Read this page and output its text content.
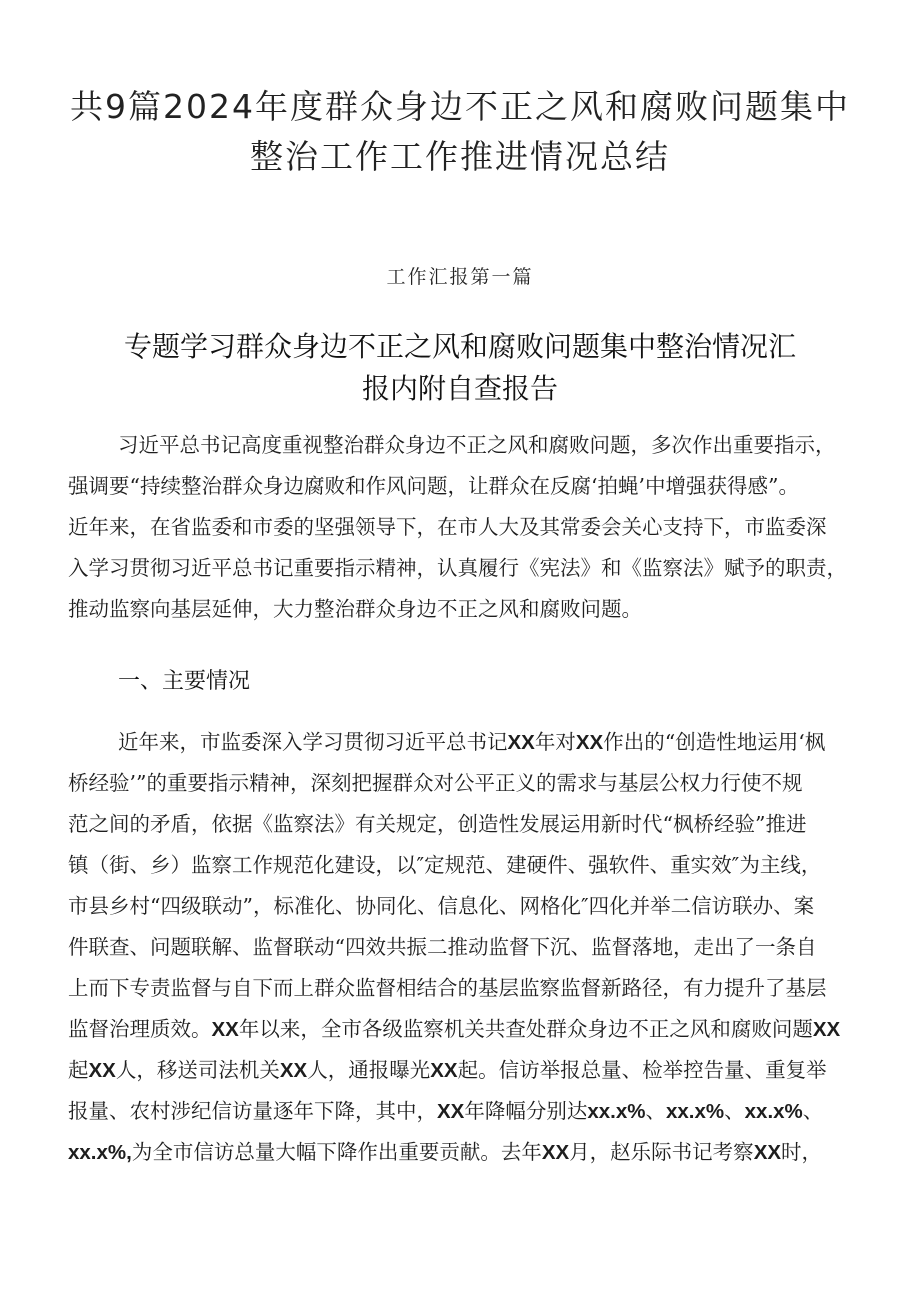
共9篇2024年度群众身边不正之风和腐败问题集中
整治工作工作推进情况总结
工作汇报第一篇
专题学习群众身边不正之风和腐败问题集中整治情况汇
报内附自查报告
习近平总书记高度重视整治群众身边不正之风和腐败问题，多次作出重要指示，
强调要“持续整治群众身边腐败和作风问题，让群众在反腐‘拍蝇’中增强获得感”。
近年来，在省监委和市委的坚强领导下，在市人大及其常委会关心支持下，市监委深
入学习贯彻习近平总书记重要指示精神，认真履行《宪法》和《监察法》赋予的职责，
推动监察向基层延伸，大力整治群众身边不正之风和腐败问题。
一、主要情况
近年来，市监委深入学习贯彻习近平总书记XX年对XX作出的“创造性地运用‘枫
桥经验’”的重要指示精神，深刻把握群众对公平正义的需求与基层公权力行使不规
范之间的矛盾，依据《监察法》有关规定，创造性发展运用新时代“枫桥经验”推进
镇（街、乡）监察工作规范化建设，以″定规范、建硬件、强软件、重实效″为主线，
市县乡村“四级联动”，标准化、协同化、信息化、网格化″四化并举二信访联办、案
件联查、问题联解、监督联动“四效共振二推动监督下沉、监督落地，走出了一条自
上而下专责监督与自下而上群众监督相结合的基层监察监督新路径，有力提升了基层
监督治理质效。XX年以来，全市各级监察机关共查处群众身边不正之风和腐败问题XX
起XX人，移送司法机关XX人，通报曝光XX起。信访举报总量、检举控告量、重复举
报量、农村涉纪信访量逐年下降，其中，XX年降幅分别达xx.x%、xx.x%、xx.x%、
xx.x%,为全市信访总量大幅下降作出重要贡献。去年XX月，赵乐际书记考察XX时，
